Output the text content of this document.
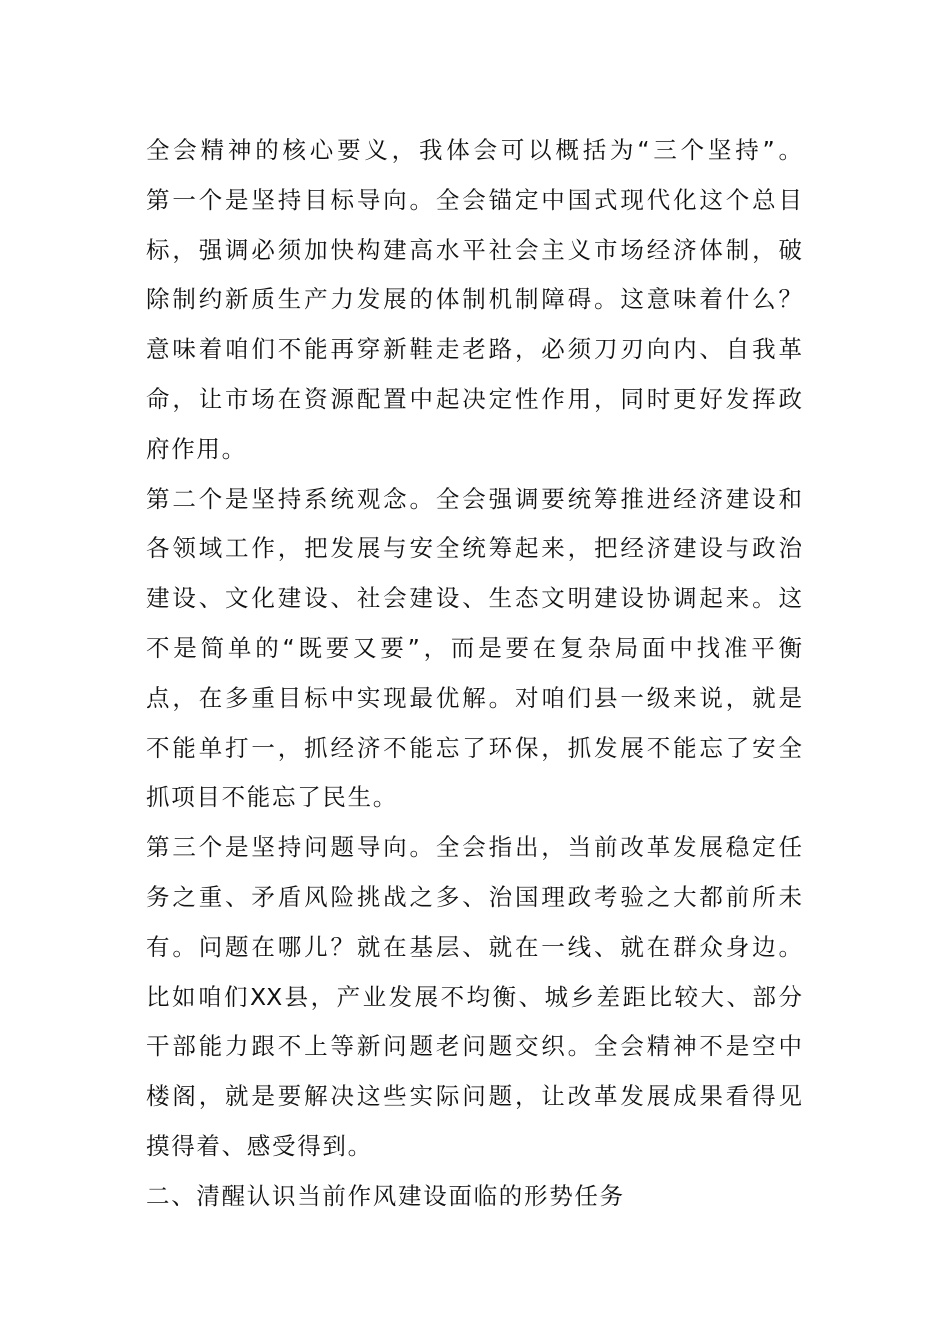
全会精神的核心要义，我体会可以概括为“三个坚持”。
第一个是坚持目标导向。全会锚定中国式现代化这个总目
标，强调必须加快构建高水平社会主义市场经济体制，破
除制约新质生产力发展的体制机制障碍。这意味着什么？
意味着咱们不能再穿新鞋走老路，必须刀刃向内、自我革
命，让市场在资源配置中起决定性作用，同时更好发挥政
府作用。
第二个是坚持系统观念。全会强调要统筹推进经济建设和
各领域工作，把发展与安全统筹起来，把经济建设与政治
建设、文化建设、社会建设、生态文明建设协调起来。这
不是简单的“既要又要”，而是要在复杂局面中找准平衡
点，在多重目标中实现最优解。对咱们县一级来说，就是
不能单打一，抓经济不能忘了环保，抓发展不能忘了安全
抓项目不能忘了民生。
第三个是坚持问题导向。全会指出，当前改革发展稳定任
务之重、矛盾风险挑战之多、治国理政考验之大都前所未
有。问题在哪儿？就在基层、就在一线、就在群众身边。
比如咱们XX县，产业发展不均衡、城乡差距比较大、部分
干部能力跟不上等新问题老问题交织。全会精神不是空中
楼阁，就是要解决这些实际问题，让改革发展成果看得见
摸得着、感受得到。
二、清醒认识当前作风建设面临的形势任务
